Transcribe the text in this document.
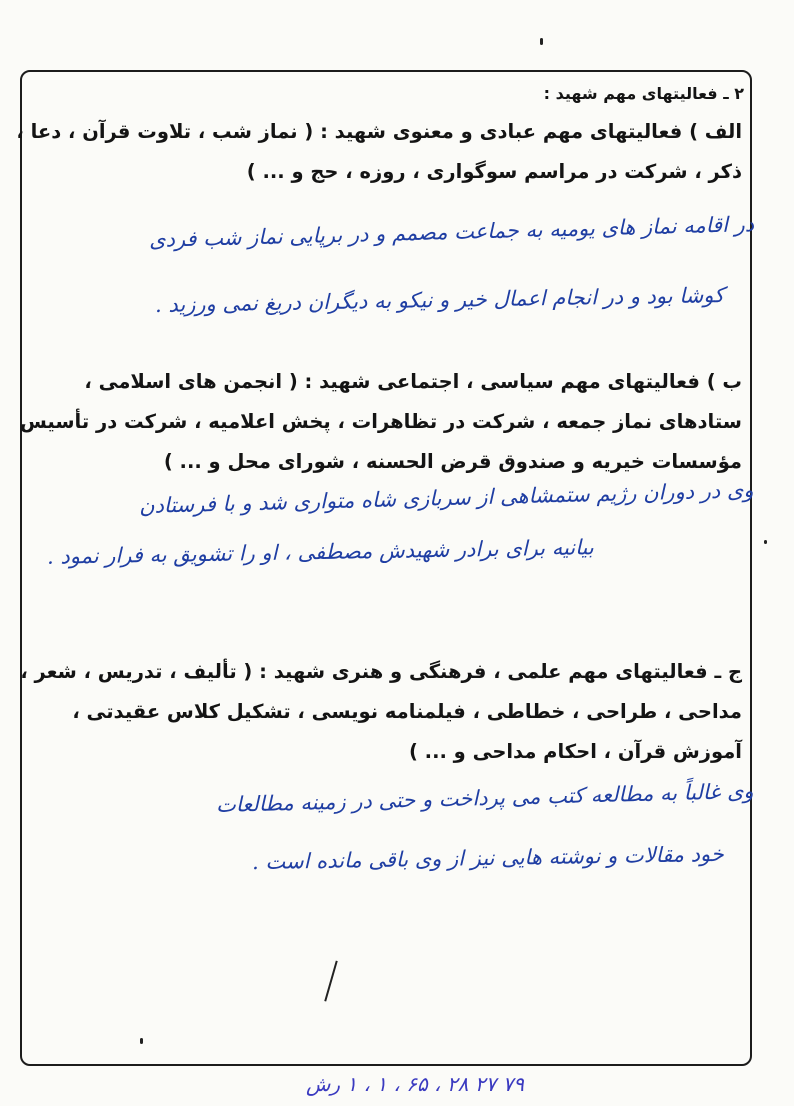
۲ ـ فعالیتهای مهم شهید :
الف ) فعالیتهای مهم عبادی و معنوی شهید : ( نماز شب ، تلاوت قرآن ، دعا ،
ذکر ، شرکت در مراسم سوگواری ، روزه ، حج و ... )
در اقامه نماز های یومیه به جماعت مصمم و در برپایی نماز شب فردی
کوشا بود و در انجام اعمال خیر و نیکو به دیگران دریغ نمی ورزید .
ب ) فعالیتهای مهم سیاسی ، اجتماعی شهید : ( انجمن های اسلامی ،
ستادهای نماز جمعه ، شرکت در تظاهرات ، پخش اعلامیه ، شرکت در تأسیس
مؤسسات خیریه و صندوق قرض الحسنه ، شورای محل و ... )
وی در دوران رژیم ستمشاهی از سربازی شاه متواری شد و با فرستادن
بیانیه برای برادر شهیدش مصطفی ، او را تشویق به فرار نمود .
ج ـ فعالیتهای مهم علمی ، فرهنگی و هنری شهید : ( تألیف ، تدریس ، شعر ،
مداحی ، طراحی ، خطاطی ، فیلمنامه نویسی ، تشکیل کلاس عقیدتی ،
آموزش قرآن ، احکام مداحی و ... )
وی غالباً به مطالعه کتب می پرداخت و حتی در زمینه مطالعات
خود مقالات و نوشته هایی نیز از وی باقی مانده است .
۷۹ ۲۷ ۲۸ ، ۶۵ ، ۱ ، ۱ رش
